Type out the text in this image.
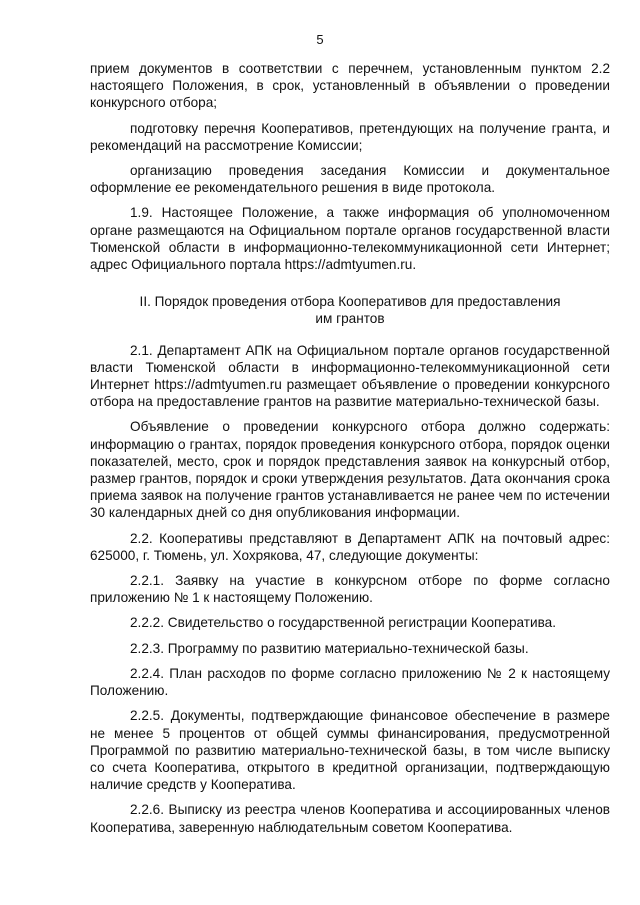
5

прием документов в соответствии с перечнем, установленным пунктом 2.2 настоящего Положения, в срок, установленный в объявлении о проведении конкурсного отбора;

подготовку перечня Кооперативов, претендующих на получение гранта, и рекомендаций на рассмотрение Комиссии;

организацию проведения заседания Комиссии и документальное оформление ее рекомендательного решения в виде протокола.

1.9. Настоящее Положение, а также информация об уполномоченном органе размещаются на Официальном портале органов государственной власти Тюменской области в информационно-телекоммуникационной сети Интернет; адрес Официального портала https://admtyumen.ru.

II. Порядок проведения отбора Кооперативов для предоставления
им грантов

2.1. Департамент АПК на Официальном портале органов государственной власти Тюменской области в информационно-телекоммуникационной сети Интернет https://admtyumen.ru размещает объявление о проведении конкурсного отбора на предоставление грантов на развитие материально-технической базы.

Объявление о проведении конкурсного отбора должно содержать: информацию о грантах, порядок проведения конкурсного отбора, порядок оценки показателей, место, срок и порядок представления заявок на конкурсный отбор, размер грантов, порядок и сроки утверждения результатов. Дата окончания срока приема заявок на получение грантов устанавливается не ранее чем по истечении 30 календарных дней со дня опубликования информации.

2.2. Кооперативы представляют в Департамент АПК на почтовый адрес: 625000, г. Тюмень, ул. Хохрякова, 47, следующие документы:

2.2.1. Заявку на участие в конкурсном отборе по форме согласно приложению № 1 к настоящему Положению.

2.2.2. Свидетельство о государственной регистрации Кооператива.

2.2.3. Программу по развитию материально-технической базы.

2.2.4. План расходов по форме согласно приложению № 2 к настоящему Положению.

2.2.5. Документы, подтверждающие финансовое обеспечение в размере не менее 5 процентов от общей суммы финансирования, предусмотренной Программой по развитию материально-технической базы, в том числе выписку со счета Кооператива, открытого в кредитной организации, подтверждающую наличие средств у Кооператива.

2.2.6. Выписку из реестра членов Кооператива и ассоциированных членов Кооператива, заверенную наблюдательным советом Кооператива.
